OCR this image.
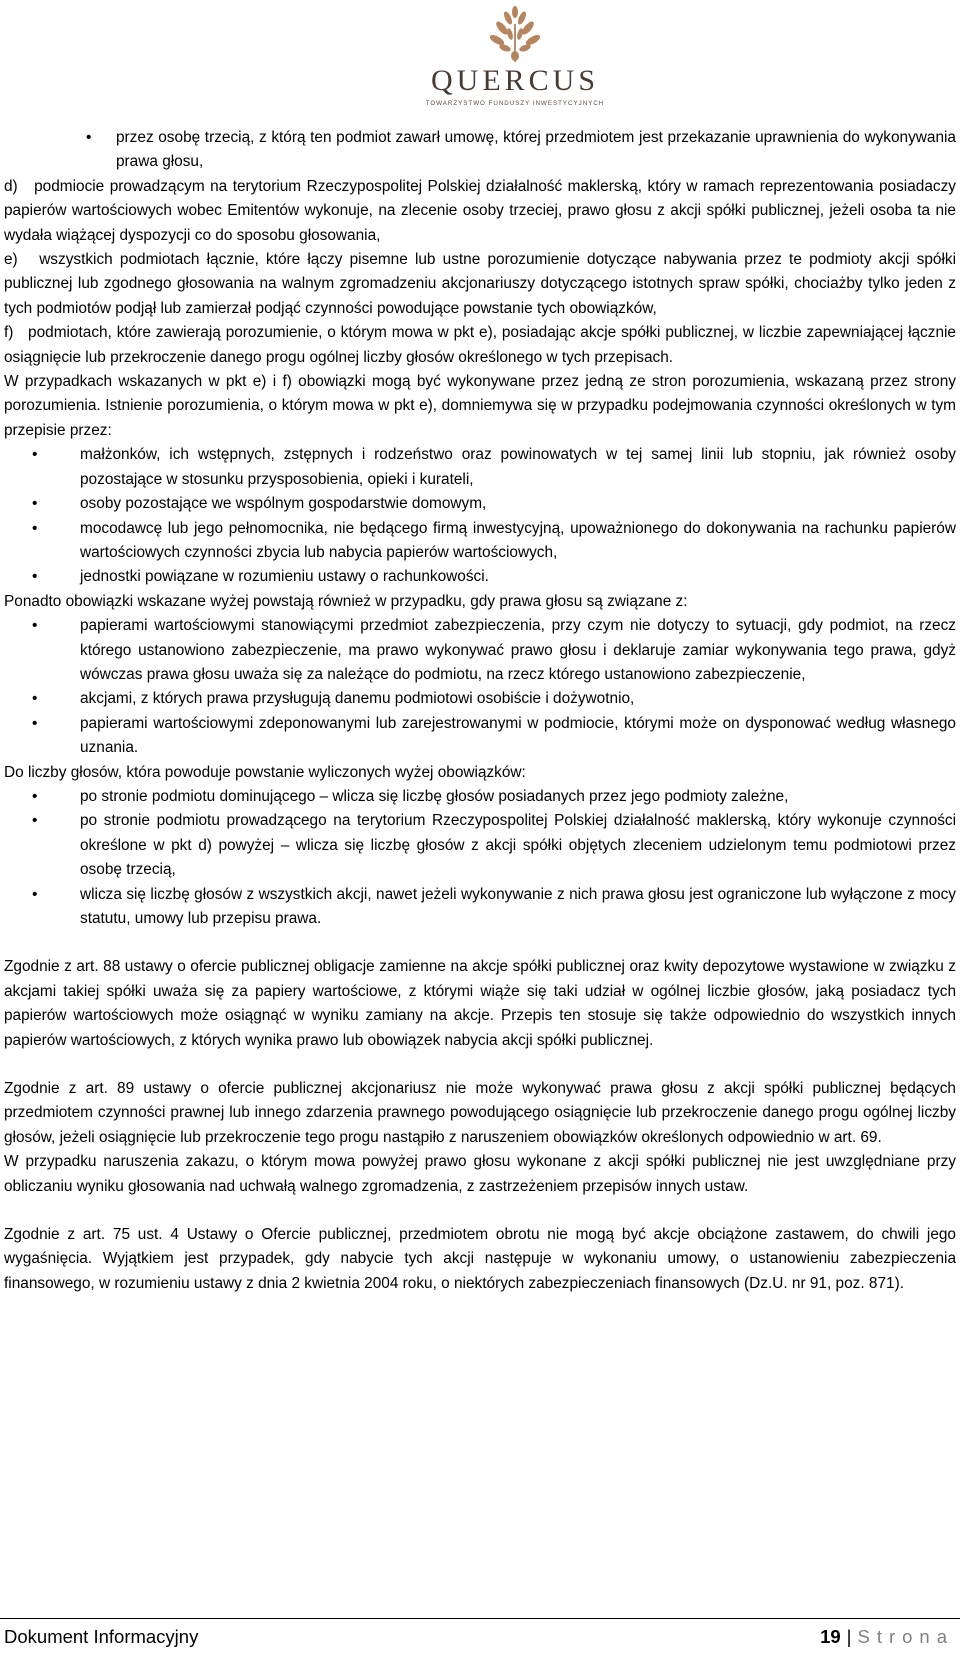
QUERCUS
TOWARZYSTWO FUNDUSZY INWESTYCYJNYCH

• przez osobę trzecią, z którą ten podmiot zawarł umowę, której przedmiotem jest przekazanie uprawnienia do wykonywania prawa głosu,

d)   podmiocie prowadzącym na terytorium Rzeczypospolitej Polskiej działalność maklerską, który w ramach reprezentowania posiadaczy papierów wartościowych wobec Emitentów wykonuje, na zlecenie osoby trzeciej, prawo głosu z akcji spółki publicznej, jeżeli osoba ta nie wydała wiążącej dyspozycji co do sposobu głosowania,

e)   wszystkich podmiotach łącznie, które łączy pisemne lub ustne porozumienie dotyczące nabywania przez te podmioty akcji spółki publicznej lub zgodnego głosowania na walnym zgromadzeniu akcjonariuszy dotyczącego istotnych spraw spółki, chociażby tylko jeden z tych podmiotów podjął lub zamierzał podjąć czynności powodujące powstanie tych obowiązków,

f)   podmiotach, które zawierają porozumienie, o którym mowa w pkt e), posiadając akcje spółki publicznej, w liczbie zapewniającej łącznie osiągnięcie lub przekroczenie danego progu ogólnej liczby głosów określonego w tych przepisach.

W przypadkach wskazanych w pkt e) i f) obowiązki mogą być wykonywane przez jedną ze stron porozumienia, wskazaną przez strony porozumienia. Istnienie porozumienia, o którym mowa w pkt e), domniemywa się w przypadku podejmowania czynności określonych w tym przepisie przez:

•	małżonków, ich wstępnych, zstępnych i rodzeństwo oraz powinowatych w tej samej linii lub stopniu, jak również osoby pozostające w stosunku przysposobienia, opieki i kurateli,

•	osoby pozostające we wspólnym gospodarstwie domowym,

•	mocodawcę lub jego pełnomocnika, nie będącego firmą inwestycyjną, upoważnionego do dokonywania na rachunku papierów wartościowych czynności zbycia lub nabycia papierów wartościowych,

•	jednostki powiązane w rozumieniu ustawy o rachunkowości.

Ponadto obowiązki wskazane wyżej powstają również w przypadku, gdy prawa głosu są związane z:

•	papierami wartościowymi stanowiącymi przedmiot zabezpieczenia, przy czym nie dotyczy to sytuacji, gdy podmiot, na rzecz którego ustanowiono zabezpieczenie, ma prawo wykonywać prawo głosu i deklaruje zamiar wykonywania tego prawa, gdyż wówczas prawa głosu uważa się za należące do podmiotu, na rzecz którego ustanowiono zabezpieczenie,

•	akcjami, z których prawa przysługują danemu podmiotowi osobiście i dożywotnio,

•	papierami wartościowymi zdeponowanymi lub zarejestrowanymi w podmiocie, którymi może on dysponować według własnego uznania.

Do liczby głosów, która powoduje powstanie wyliczonych wyżej obowiązków:

•	po stronie podmiotu dominującego – wlicza się liczbę głosów posiadanych przez jego podmioty zależne,

•	po stronie podmiotu prowadzącego na terytorium Rzeczypospolitej Polskiej działalność maklerską, który wykonuje czynności określone w pkt d) powyżej – wlicza się liczbę głosów z akcji spółki objętych zleceniem udzielonym temu podmiotowi przez osobę trzecią,

•	wlicza się liczbę głosów z wszystkich akcji, nawet jeżeli wykonywanie z nich prawa głosu jest ograniczone lub wyłączone z mocy statutu, umowy lub przepisu prawa.

Zgodnie z art. 88 ustawy o ofercie publicznej obligacje zamienne na akcje spółki publicznej oraz kwity depozytowe wystawione w związku z akcjami takiej spółki uważa się za papiery wartościowe, z którymi wiąże się taki udział w ogólnej liczbie głosów, jaką posiadacz tych papierów wartościowych może osiągnąć w wyniku zamiany na akcje. Przepis ten stosuje się także odpowiednio do wszystkich innych papierów wartościowych, z których wynika prawo lub obowiązek nabycia akcji spółki publicznej.

Zgodnie z art. 89 ustawy o ofercie publicznej akcjonariusz nie może wykonywać prawa głosu z akcji spółki publicznej będących przedmiotem czynności prawnej lub innego zdarzenia prawnego powodującego osiągnięcie lub przekroczenie danego progu ogólnej liczby głosów, jeżeli osiągnięcie lub przekroczenie tego progu nastąpiło z naruszeniem obowiązków określonych odpowiednio w art. 69.

W przypadku naruszenia zakazu, o którym mowa powyżej prawo głosu wykonane z akcji spółki publicznej nie jest uwzględniane przy obliczaniu wyniku głosowania nad uchwałą walnego zgromadzenia, z zastrzeżeniem przepisów innych ustaw.

Zgodnie z art. 75 ust. 4 Ustawy o Ofercie publicznej, przedmiotem obrotu nie mogą być akcje obciążone zastawem, do chwili jego wygaśnięcia. Wyjątkiem jest przypadek, gdy nabycie tych akcji następuje w wykonaniu umowy, o ustanowieniu zabezpieczenia finansowego, w rozumieniu ustawy z dnia 2 kwietnia 2004 roku, o niektórych zabezpieczeniach finansowych (Dz.U. nr 91, poz. 871).

Dokument Informacyjny	19 | Strona
